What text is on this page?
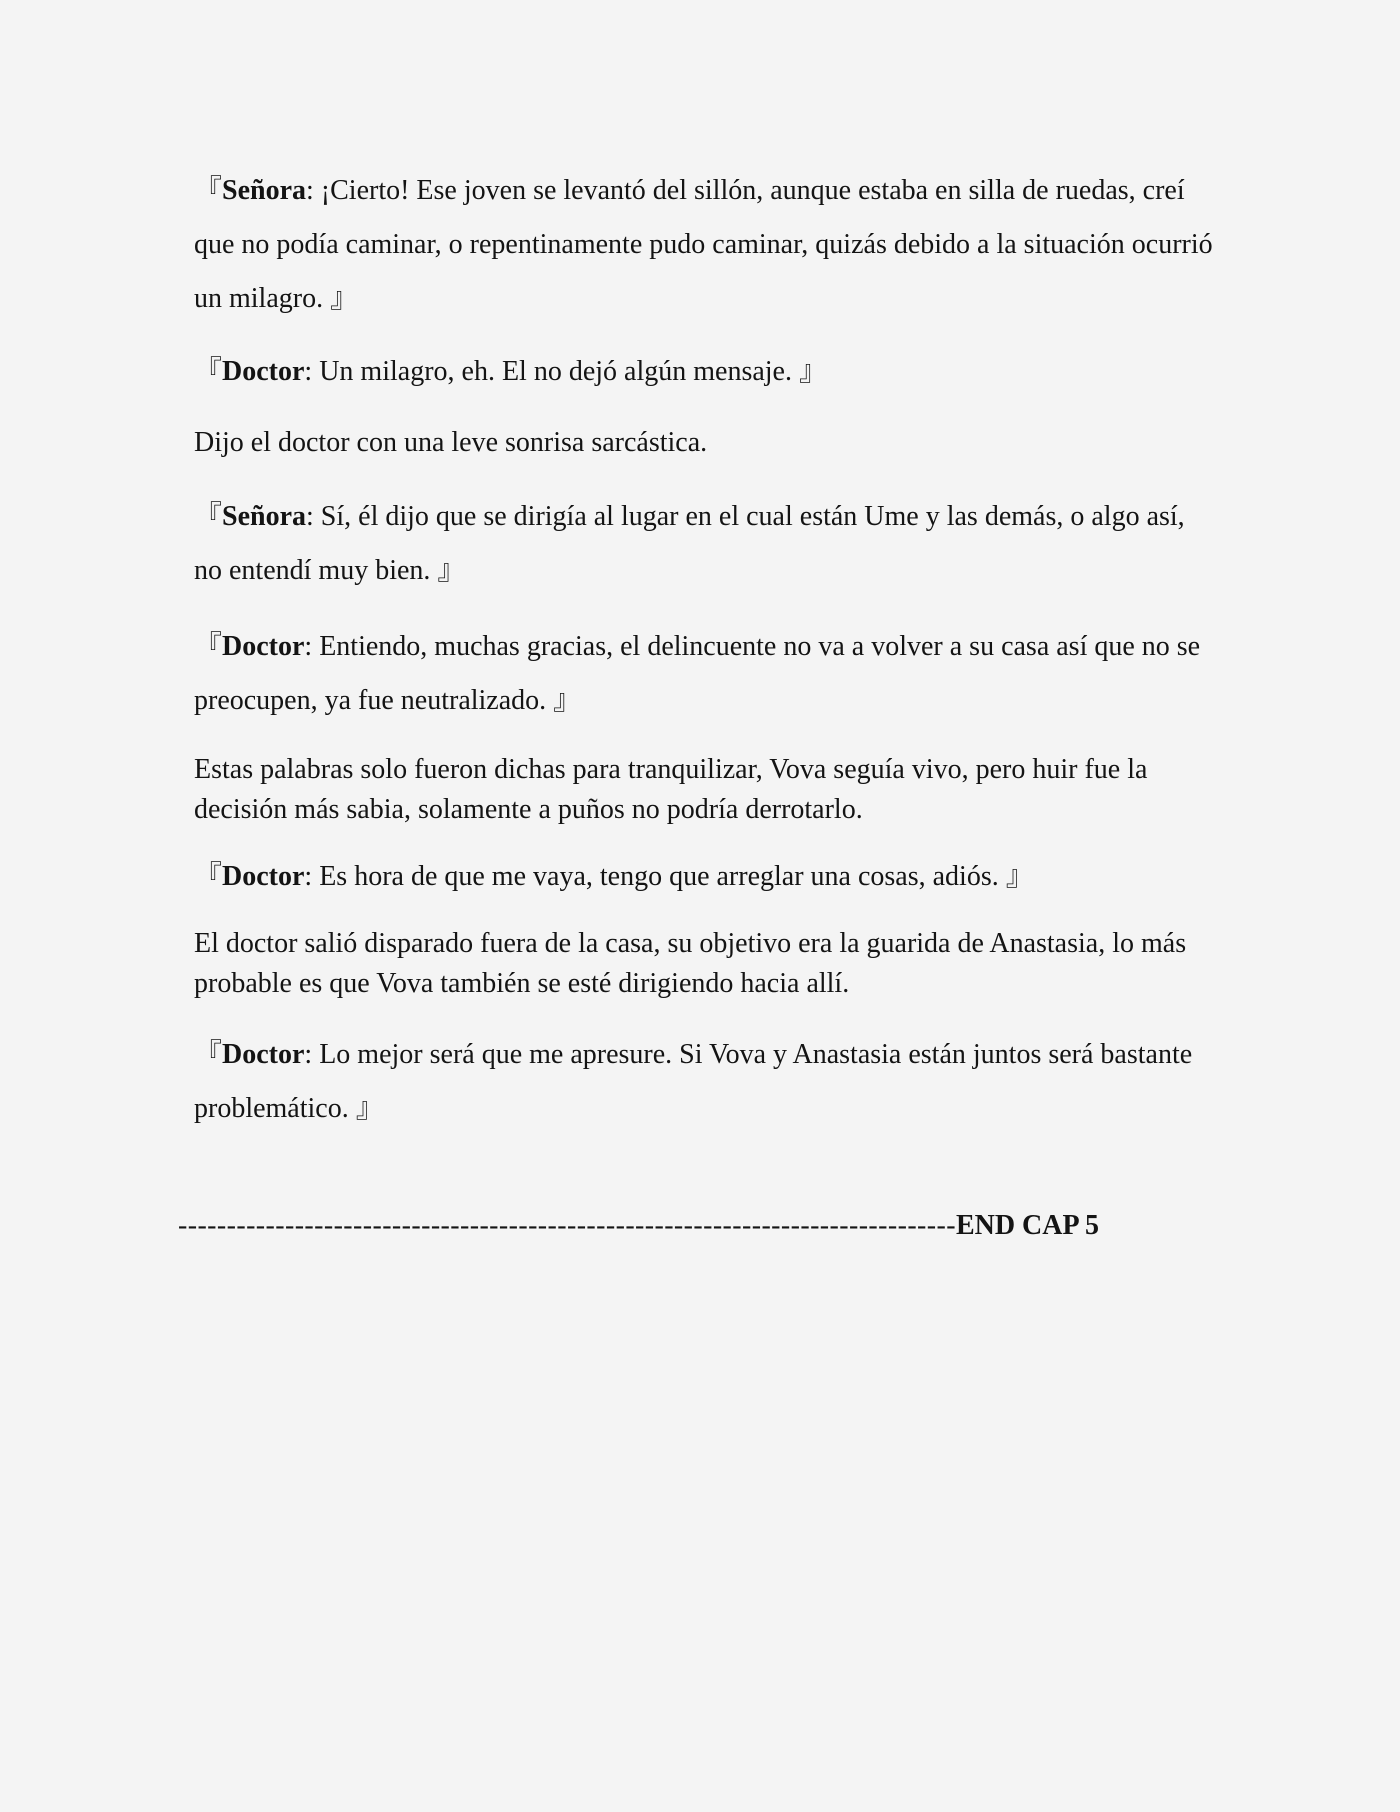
『Señora: ¡Cierto! Ese joven se levantó del sillón, aunque estaba en silla de ruedas, creí que no podía caminar, o repentinamente pudo caminar, quizás debido a la situación ocurrió un milagro. 』

『Doctor: Un milagro, eh. El no dejó algún mensaje. 』

Dijo el doctor con una leve sonrisa sarcástica.

『Señora: Sí, él dijo que se dirigía al lugar en el cual están Ume y las demás, o algo así, no entendí muy bien. 』

『Doctor: Entiendo, muchas gracias, el delincuente no va a volver a su casa así que no se preocupen, ya fue neutralizado. 』

Estas palabras solo fueron dichas para tranquilizar, Vova seguía vivo, pero huir fue la decisión más sabia, solamente a puños no podría derrotarlo.

『Doctor: Es hora de que me vaya, tengo que arreglar una cosas, adiós. 』

El doctor salió disparado fuera de la casa, su objetivo era la guarida de Anastasia, lo más probable es que Vova también se esté dirigiendo hacia allí.

『Doctor: Lo mejor será que me apresure. Si Vova y Anastasia están juntos será bastante problemático. 』

--------------------------------------------------------------------------------END CAP 5
